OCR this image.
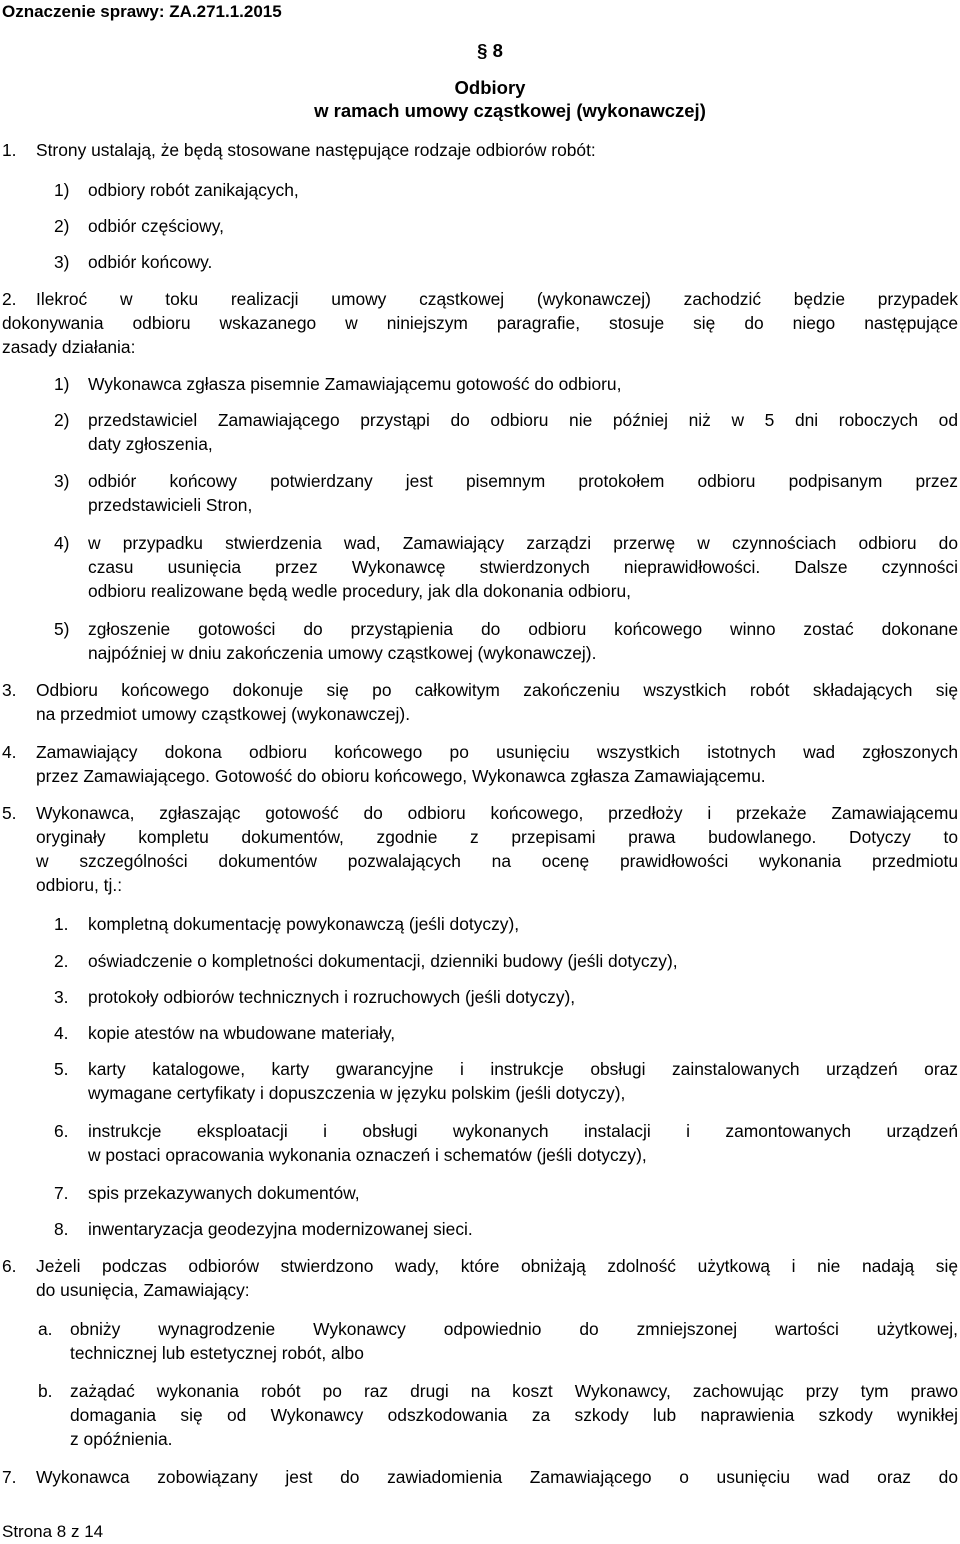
Oznaczenie sprawy: ZA.271.1.2015
§ 8
Odbiory
w ramach umowy cząstkowej (wykonawczej)
1. Strony ustalają, że będą stosowane następujące rodzaje odbiorów robót:
1) odbiory robót zanikających,
2) odbiór częściowy,
3) odbiór końcowy.
2. Ilekroć w toku realizacji umowy cząstkowej (wykonawczej) zachodzić będzie przypadek
dokonywania odbioru wskazanego w niniejszym paragrafie, stosuje się do niego następujące
zasady działania:
1) Wykonawca zgłasza pisemnie Zamawiającemu gotowość do odbioru,
2) przedstawiciel Zamawiającego przystąpi do odbioru nie później niż w 5 dni roboczych od
daty zgłoszenia,
3) odbiór końcowy potwierdzany jest pisemnym protokołem odbioru podpisanym przez
przedstawicieli Stron,
4) w przypadku stwierdzenia wad, Zamawiający zarządzi przerwę w czynnościach odbioru do
czasu usunięcia przez Wykonawcę stwierdzonych nieprawidłowości. Dalsze czynności
odbioru realizowane będą wedle procedury, jak dla dokonania odbioru,
5) zgłoszenie gotowości do przystąpienia do odbioru końcowego winno zostać dokonane
najpóźniej w dniu zakończenia umowy cząstkowej (wykonawczej).
3. Odbioru końcowego dokonuje się po całkowitym zakończeniu wszystkich robót składających się
na przedmiot umowy cząstkowej (wykonawczej).
4. Zamawiający dokona odbioru końcowego po usunięciu wszystkich istotnych wad zgłoszonych
przez Zamawiającego. Gotowość do obioru końcowego, Wykonawca zgłasza Zamawiającemu.
5. Wykonawca, zgłaszając gotowość do odbioru końcowego, przedłoży i przekaże Zamawiającemu
oryginały kompletu dokumentów, zgodnie z przepisami prawa budowlanego. Dotyczy to
w szczególności dokumentów pozwalających na ocenę prawidłowości wykonania przedmiotu
odbioru, tj.:
1. kompletną dokumentację powykonawczą (jeśli dotyczy),
2. oświadczenie o kompletności dokumentacji, dzienniki budowy (jeśli dotyczy),
3. protokoły odbiorów technicznych i rozruchowych (jeśli dotyczy),
4. kopie atestów na wbudowane materiały,
5. karty katalogowe, karty gwarancyjne i instrukcje obsługi zainstalowanych urządzeń oraz
wymagane certyfikaty i dopuszczenia w języku polskim (jeśli dotyczy),
6. instrukcje eksploatacji i obsługi wykonanych instalacji i zamontowanych urządzeń
w postaci opracowania wykonania oznaczeń i schematów (jeśli dotyczy),
7. spis przekazywanych dokumentów,
8. inwentaryzacja geodezyjna modernizowanej sieci.
6. Jeżeli podczas odbiorów stwierdzono wady, które obniżają zdolność użytkową i nie nadają się
do usunięcia, Zamawiający:
a. obniży wynagrodzenie Wykonawcy odpowiednio do zmniejszonej wartości użytkowej,
technicznej lub estetycznej robót, albo
b. zażądać wykonania robót po raz drugi na koszt Wykonawcy, zachowując przy tym prawo
domagania się od Wykonawcy odszkodowania za szkody lub naprawienia szkody wynikłej
z opóźnienia.
7. Wykonawca zobowiązany jest do zawiadomienia Zamawiającego o usunięciu wad oraz do
Strona 8 z 14
